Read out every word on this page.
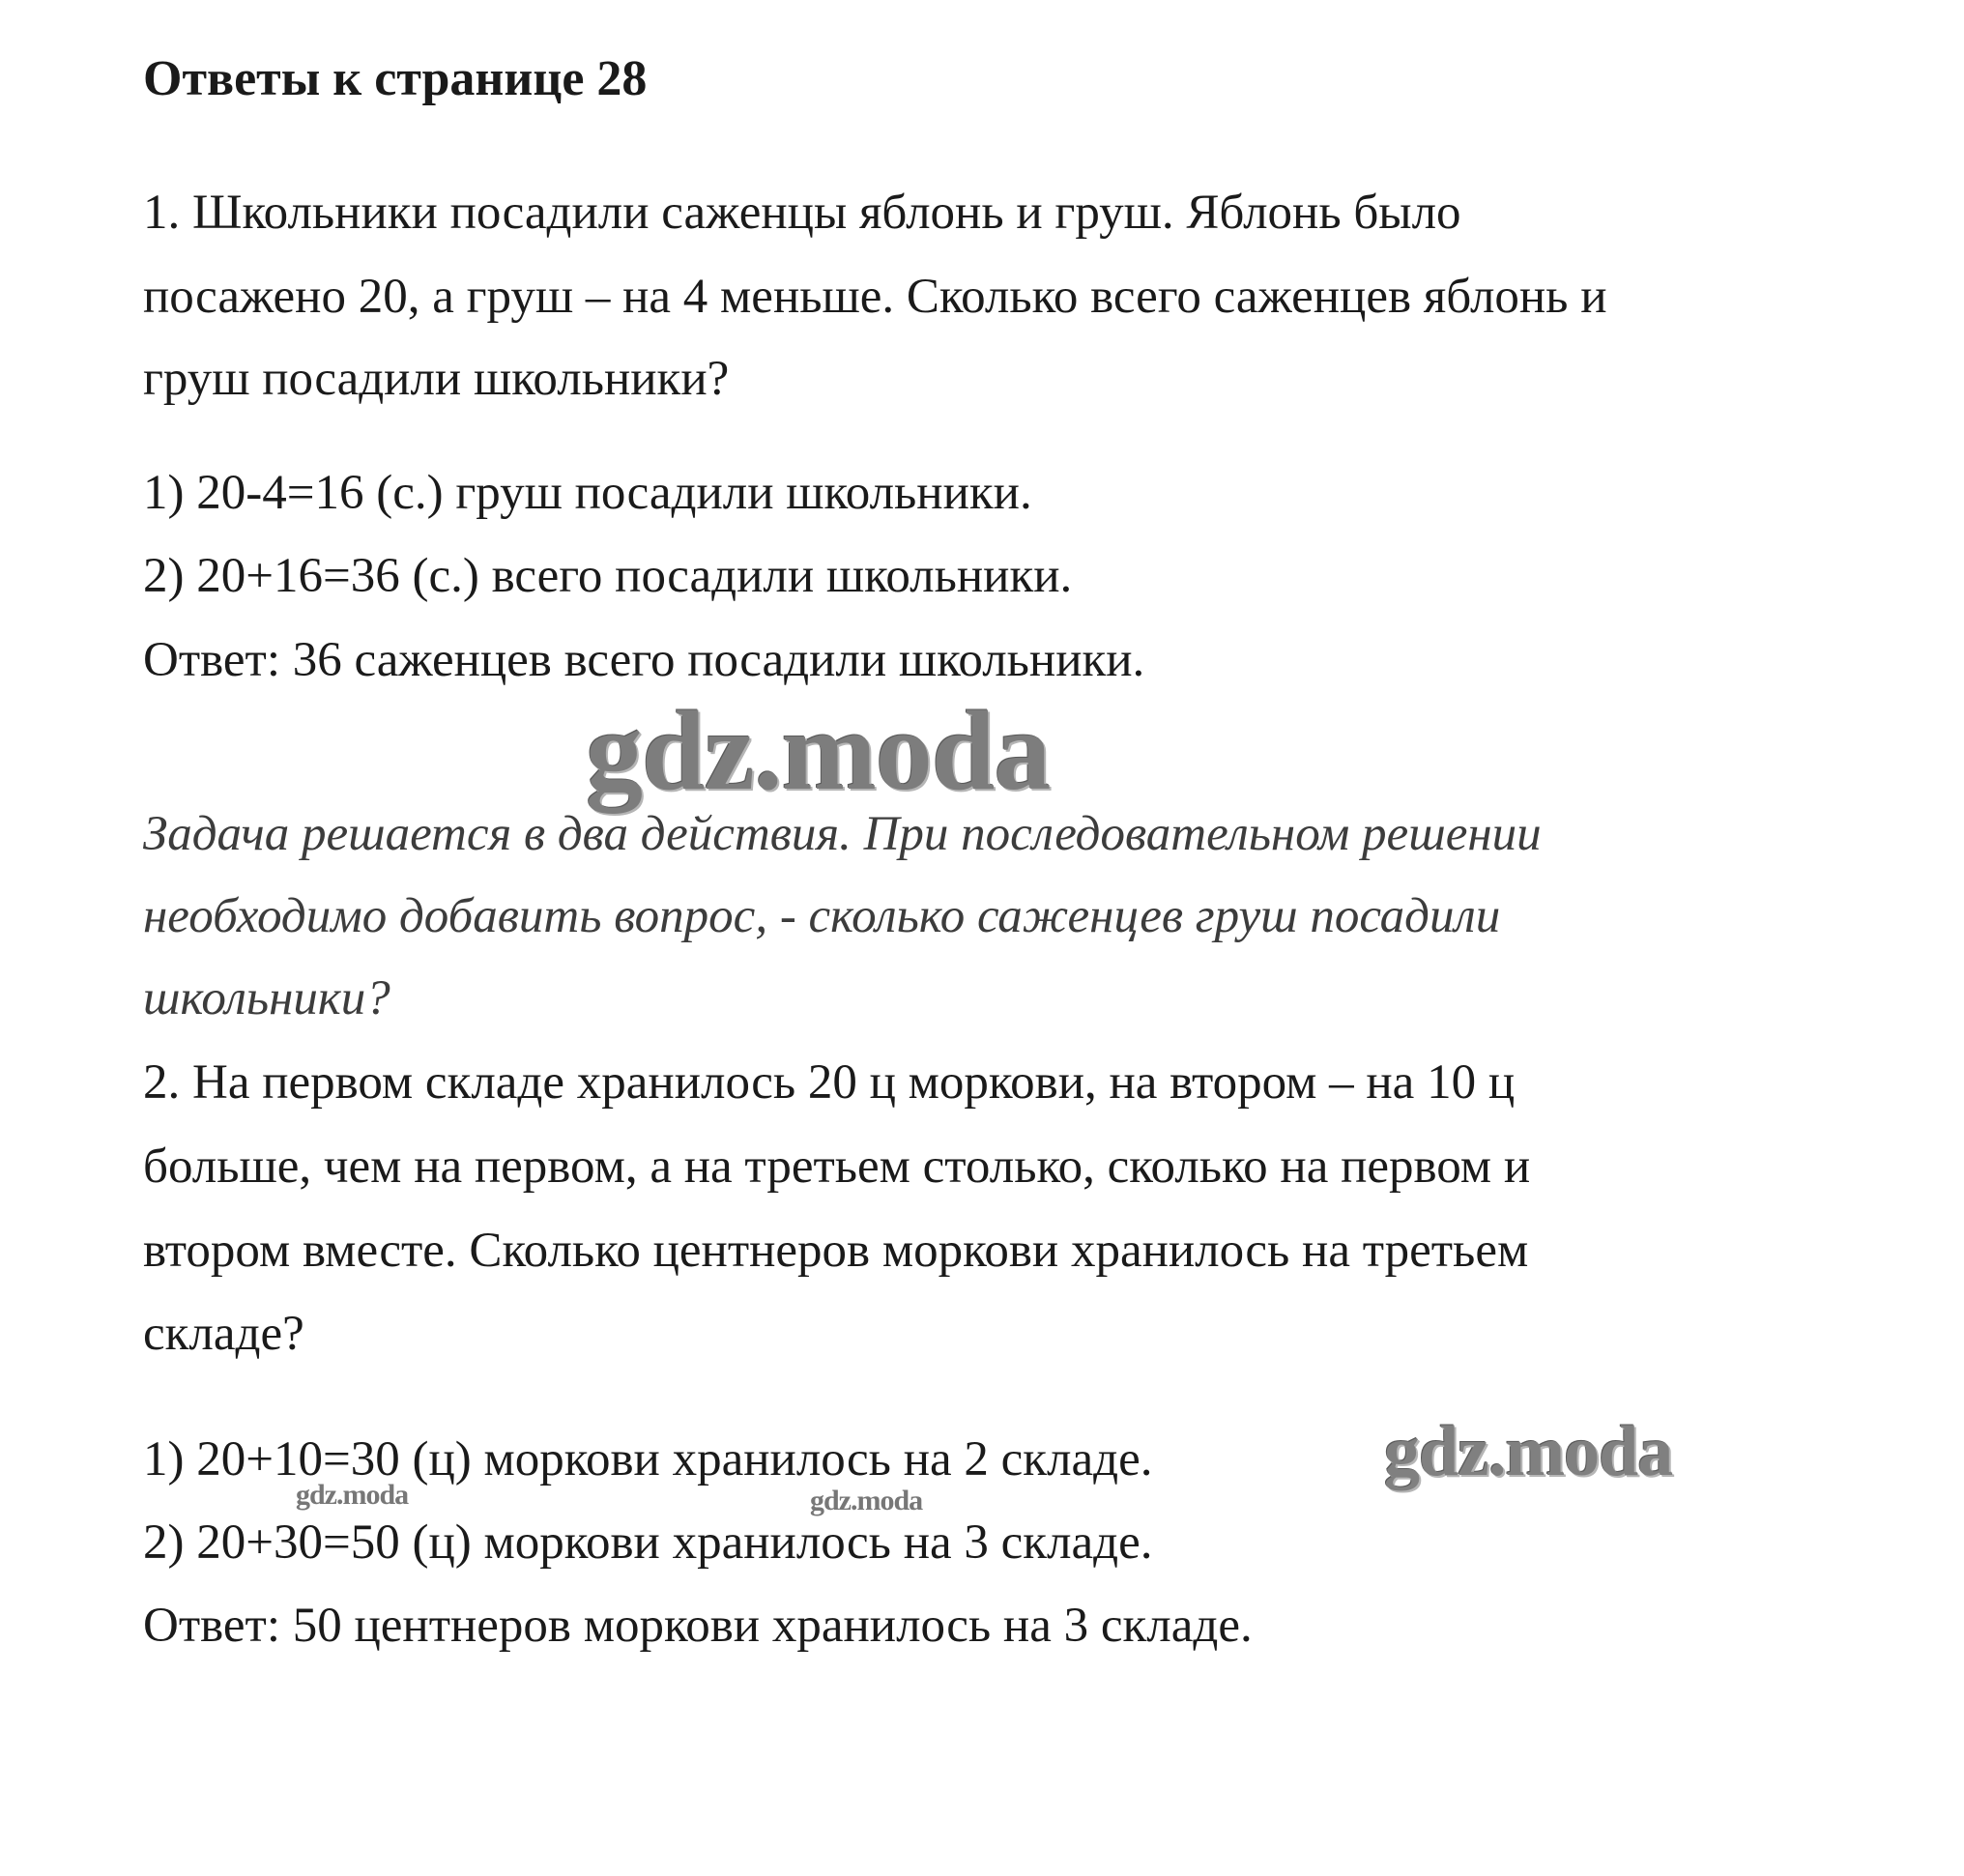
Ответы к странице 28
1. Школьники посадили саженцы яблонь и груш. Яблонь было
посажено 20, а груш – на 4 меньше. Сколько всего саженцев яблонь и
груш посадили школьники?
1) 20-4=16 (с.) груш посадили школьники.
2) 20+16=36 (с.) всего посадили школьники.
Ответ: 36 саженцев всего посадили школьники.
gdz.moda
Задача решается в два действия. При последовательном решении
необходимо добавить вопрос, - сколько саженцев груш посадили
школьники?
2. На первом складе хранилось 20 ц моркови, на втором – на 10 ц
больше, чем на первом, а на третьем столько, сколько на первом и
втором вместе. Сколько центнеров моркови хранилось на третьем
складе?
1) 20+10=30 (ц) моркови хранилось на 2 складе.	gdz.moda
gdz.moda	gdz.moda
2) 20+30=50 (ц) моркови хранилось на 3 складе.
Ответ: 50 центнеров моркови хранилось на 3 складе.
